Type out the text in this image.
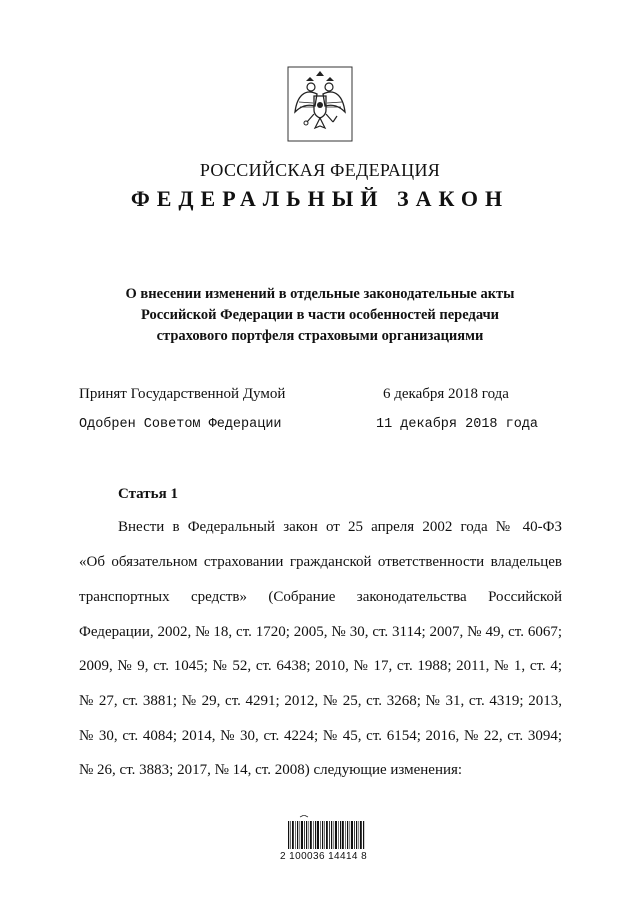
РОССИЙСКАЯ ФЕДЕРАЦИЯ
ФЕДЕРАЛЬНЫЙ ЗАКОН
О внесении изменений в отдельные законодательные акты
Российской Федерации в части особенностей передачи
страхового портфеля страховыми организациями
Принят Государственной Думой	6 декабря 2018 года
Одобрен Советом Федерации	11 декабря 2018 года
Статья 1
Внести в Федеральный закон от 25 апреля 2002 года № 40-ФЗ
«Об обязательном страховании гражданской ответственности владельцев
транспортных средств» (Собрание законодательства Российской
Федерации, 2002, № 18, ст. 1720; 2005, № 30, ст. 3114; 2007, № 49, ст. 6067;
2009, № 9, ст. 1045; № 52, ст. 6438; 2010, № 17, ст. 1988; 2011, № 1, ст. 4;
№ 27, ст. 3881; № 29, ст. 4291; 2012, № 25, ст. 3268; № 31, ст. 4319; 2013,
№ 30, ст. 4084; 2014, № 30, ст. 4224; № 45, ст. 6154; 2016, № 22, ст. 3094;
№ 26, ст. 3883; 2017, № 14, ст. 2008) следующие изменения:
2 100036 14414 8
